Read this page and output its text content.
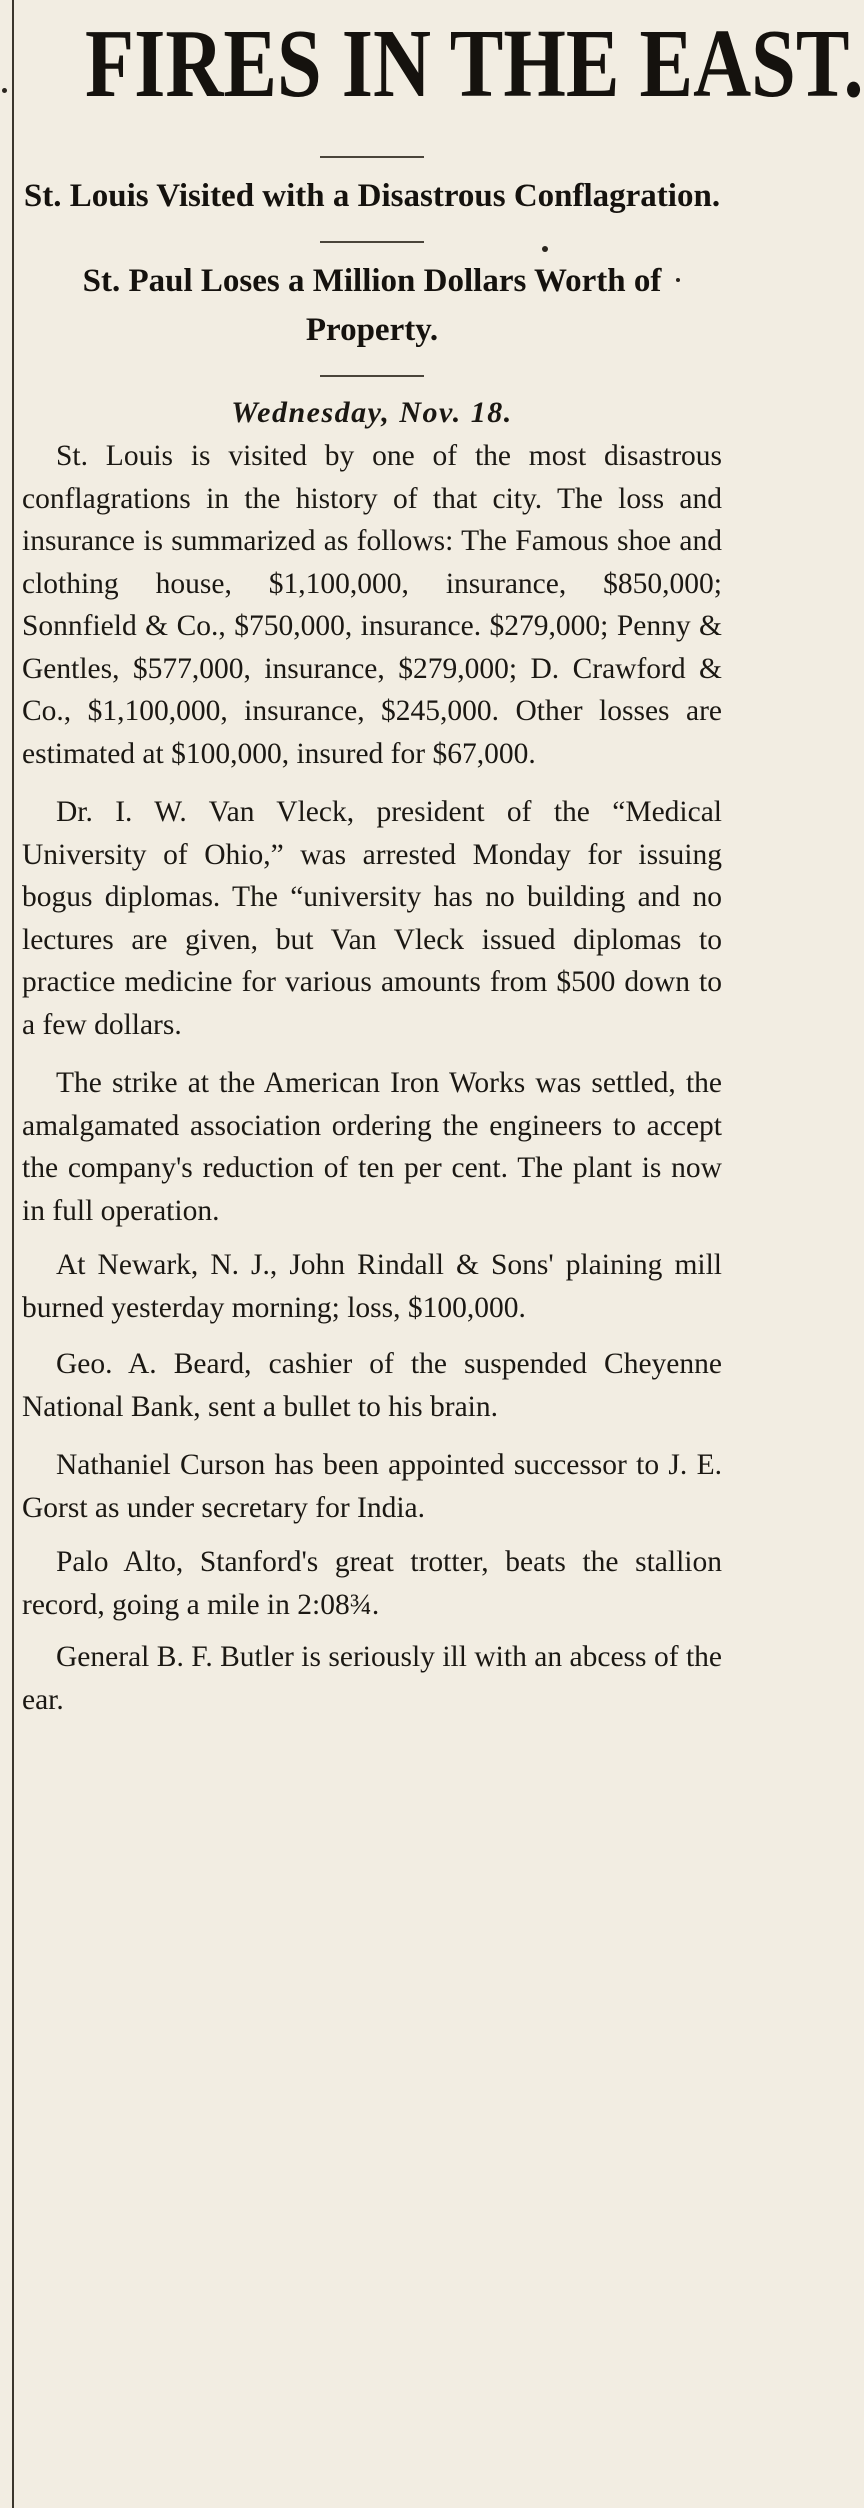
FIRES IN THE EAST.

St. Louis Visited with a Disastrous Conflagration.

St. Paul Loses a Million Dollars Worth of Property.

Wednesday, Nov. 18.

St. Louis is visited by one of the most disastrous conflagrations in the history of that city. The loss and insurance is summarized as follows: The Famous shoe and clothing house, $1,100,000, insurance, $850,000; Sonnfield & Co., $750,000, insurance. $279,000; Penny & Gentles, $577,000, insurance, $279,000; D. Crawford & Co., $1,100,000, insurance, $245,000. Other losses are estimated at $100,000, insured for $67,000.

Dr. I. W. Van Vleck, president of the “Medical University of Ohio,” was arrested Monday for issuing bogus diplomas. The “university has no building and no lectures are given, but Van Vleck issued diplomas to practice medicine for various amounts from $500 down to a few dollars.

The strike at the American Iron Works was settled, the amalgamated association ordering the engineers to accept the company's reduction of ten per cent. The plant is now in full operation.

At Newark, N. J., John Rindall & Sons' plaining mill burned yesterday morning; loss, $100,000.

Geo. A. Beard, cashier of the suspended Cheyenne National Bank, sent a bullet to his brain.

Nathaniel Curson has been appointed successor to J. E. Gorst as under secretary for India.

Palo Alto, Stanford's great trotter, beats the stallion record, going a mile in 2:08¾.

General B. F. Butler is seriously ill with an abcess of the ear.
